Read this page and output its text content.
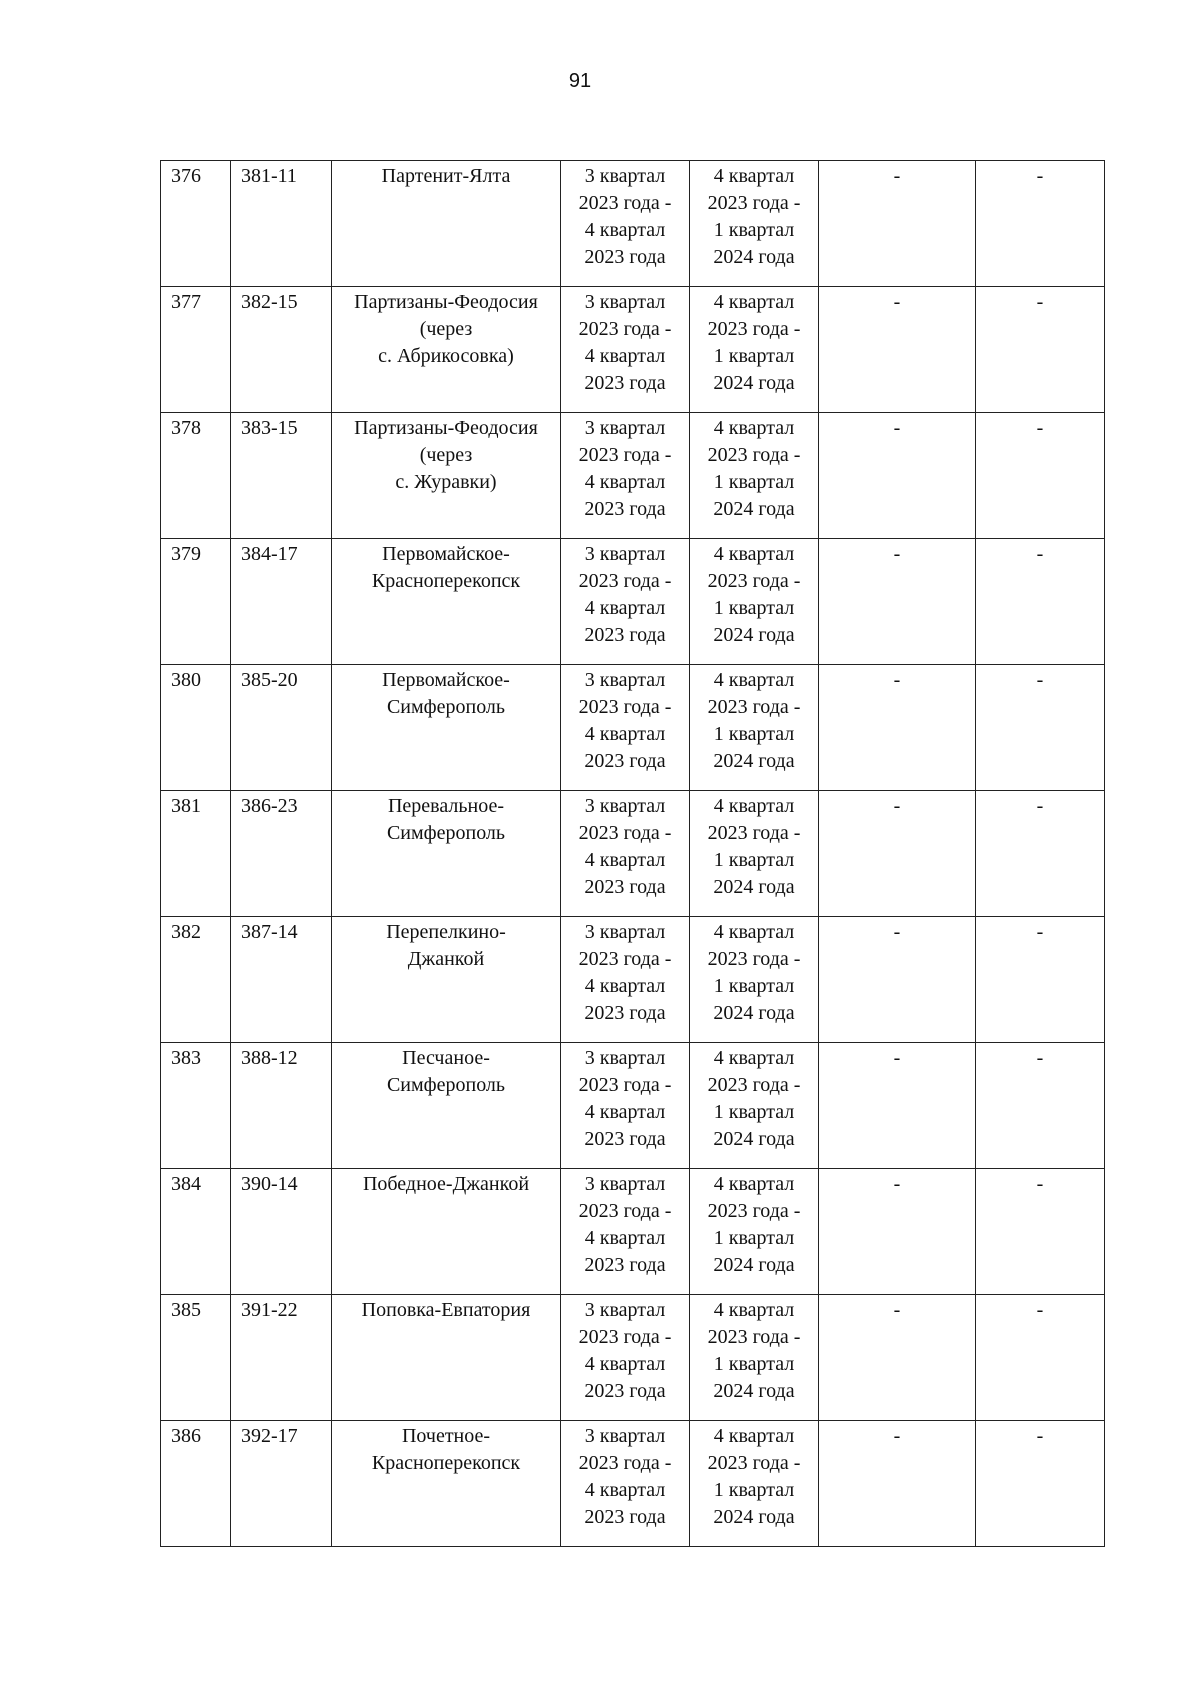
91
376	381-11	Партенит-Ялта	3 квартал
2023 года -
4 квартал
2023 года	4 квартал
2023 года -
1 квартал
2024 года	-	-
377	382-15	Партизаны-Феодосия
(через
с. Абрикосовка)	3 квартал
2023 года -
4 квартал
2023 года	4 квартал
2023 года -
1 квартал
2024 года	-	-
378	383-15	Партизаны-Феодосия
(через
с. Журавки)	3 квартал
2023 года -
4 квартал
2023 года	4 квартал
2023 года -
1 квартал
2024 года	-	-
379	384-17	Первомайское-
Красноперекопск	3 квартал
2023 года -
4 квартал
2023 года	4 квартал
2023 года -
1 квартал
2024 года	-	-
380	385-20	Первомайское-
Симферополь	3 квартал
2023 года -
4 квартал
2023 года	4 квартал
2023 года -
1 квартал
2024 года	-	-
381	386-23	Перевальное-
Симферополь	3 квартал
2023 года -
4 квартал
2023 года	4 квартал
2023 года -
1 квартал
2024 года	-	-
382	387-14	Перепелкино-
Джанкой	3 квартал
2023 года -
4 квартал
2023 года	4 квартал
2023 года -
1 квартал
2024 года	-	-
383	388-12	Песчаное-
Симферополь	3 квартал
2023 года -
4 квартал
2023 года	4 квартал
2023 года -
1 квартал
2024 года	-	-
384	390-14	Победное-Джанкой	3 квартал
2023 года -
4 квартал
2023 года	4 квартал
2023 года -
1 квартал
2024 года	-	-
385	391-22	Поповка-Евпатория	3 квартал
2023 года -
4 квартал
2023 года	4 квартал
2023 года -
1 квартал
2024 года	-	-
386	392-17	Почетное-
Красноперекопск	3 квартал
2023 года -
4 квартал
2023 года	4 квартал
2023 года -
1 квартал
2024 года	-	-
